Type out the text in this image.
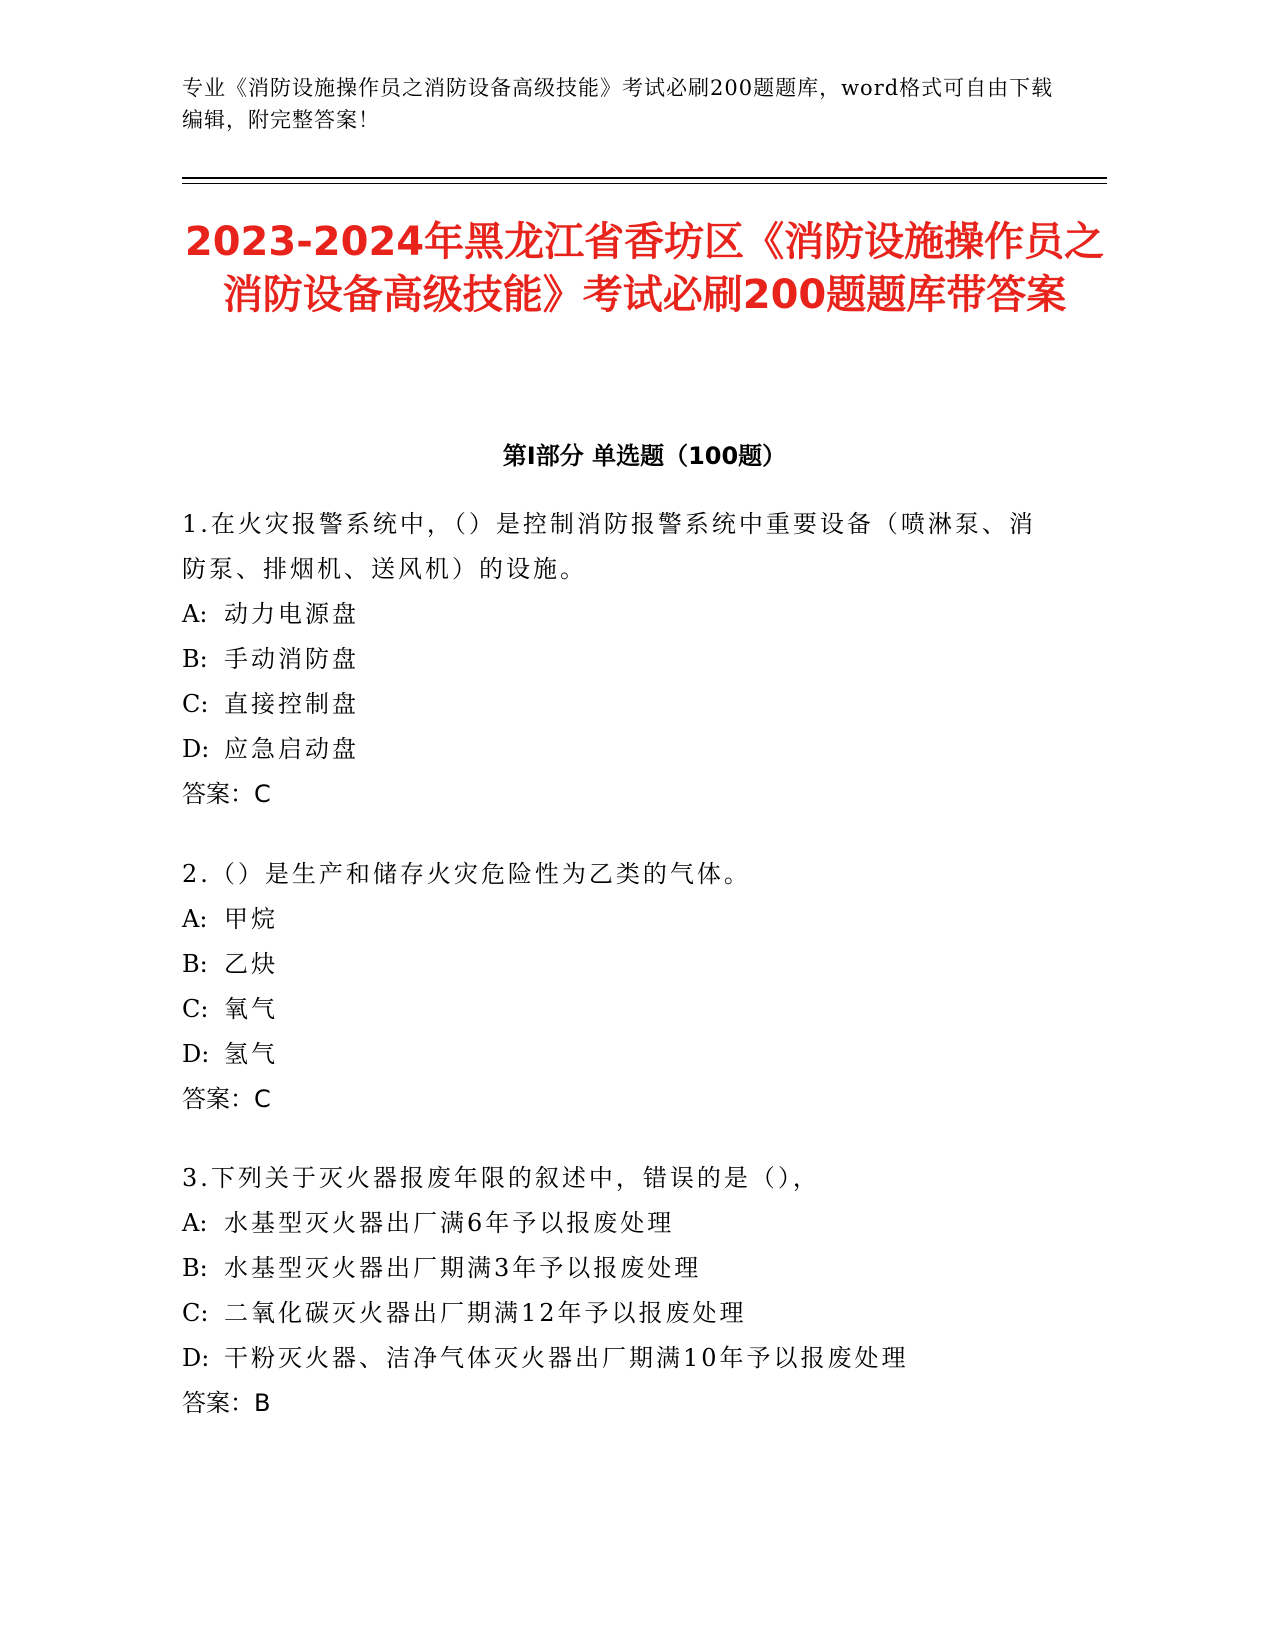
专业《消防设施操作员之消防设备高级技能》考试必刷200题题库，word格式可自由下载编辑，附完整答案！
2023-2024年黑龙江省香坊区《消防设施操作员之消防设备高级技能》考试必刷200题题库带答案
第Ⅰ部分 单选题（100题）

1.在火灾报警系统中，（）是控制消防报警系统中重要设备（喷淋泵、消防泵、排烟机、送风机）的设施。

A: 动力电源盘
B: 手动消防盘
C: 直接控制盘
D: 应急启动盘
答案：C

2.（）是生产和储存火灾危险性为乙类的气体。

A: 甲烷
B: 乙炔
C: 氧气
D: 氢气
答案：C

3.下列关于灭火器报废年限的叙述中，错误的是（），

A: 水基型灭火器出厂满6年予以报废处理
B: 水基型灭火器出厂期满3年予以报废处理
C: 二氧化碳灭火器出厂期满12年予以报废处理
D: 干粉灭火器、洁净气体灭火器出厂期满10年予以报废处理
答案：B
